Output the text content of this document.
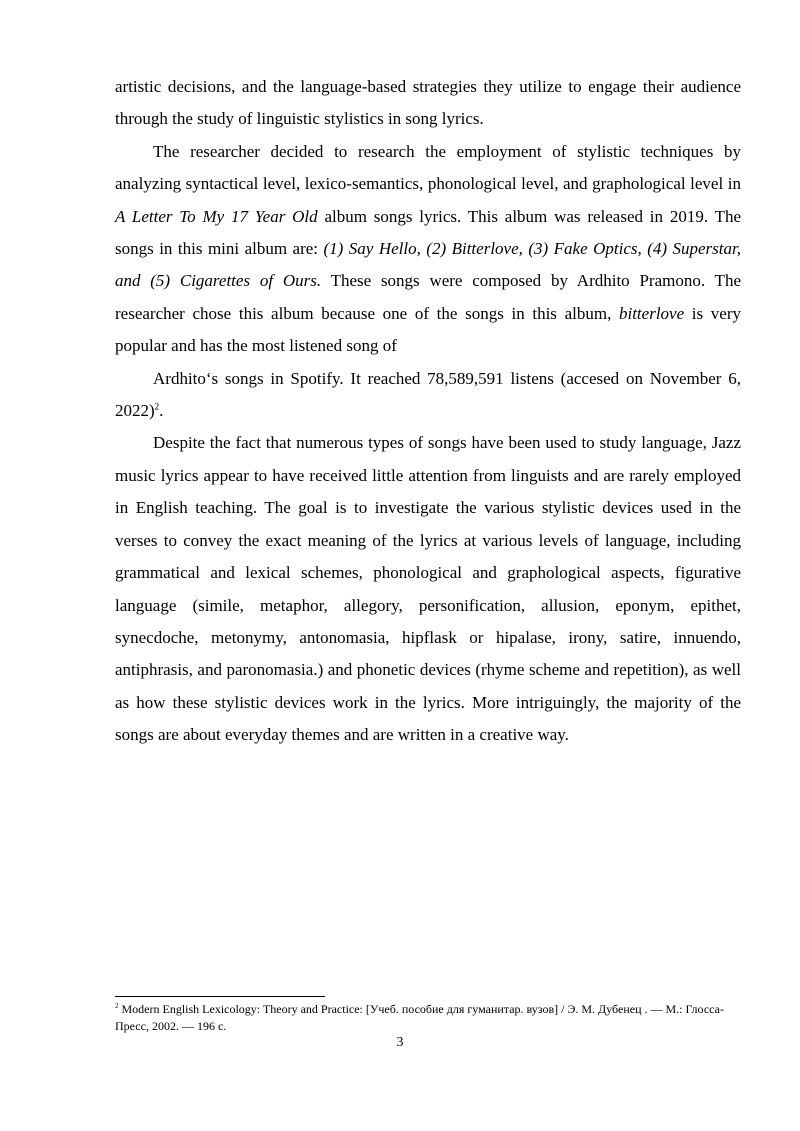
artistic decisions, and the language-based strategies they utilize to engage their audience through the study of linguistic stylistics in song lyrics.

The researcher decided to research the employment of stylistic techniques by analyzing syntactical level, lexico-semantics, phonological level, and graphological level in A Letter To My 17 Year Old album songs lyrics. This album was released in 2019. The songs in this mini album are: (1) Say Hello, (2) Bitterlove, (3) Fake Optics, (4) Superstar, and (5) Cigarettes of Ours. These songs were composed by Ardhito Pramono. The researcher chose this album because one of the songs in this album, bitterlove is very popular and has the most listened song of

Ardhito‘s songs in Spotify. It reached 78,589,591 listens (accesed on November 6, 2022)$^2$.

Despite the fact that numerous types of songs have been used to study language, Jazz music lyrics appear to have received little attention from linguists and are rarely employed in English teaching. The goal is to investigate the various stylistic devices used in the verses to convey the exact meaning of the lyrics at various levels of language, including grammatical and lexical schemes, phonological and graphological aspects, figurative language (simile, metaphor, allegory, personification, allusion, eponym, epithet, synecdoche, metonymy, antonomasia, hipflask or hipalase, irony, satire, innuendo, antiphrasis, and paronomasia.) and phonetic devices (rhyme scheme and repetition), as well as how these stylistic devices work in the lyrics. More intriguingly, the majority of the songs are about everyday themes and are written in a creative way.

$^2$ Modern English Lexicology: Theory and Practice: [Учеб. пособие для гуманитар. вузов] / Э. М. Дубенец . — М.: Глосса-Пресс, 2002. — 196 с.
3
